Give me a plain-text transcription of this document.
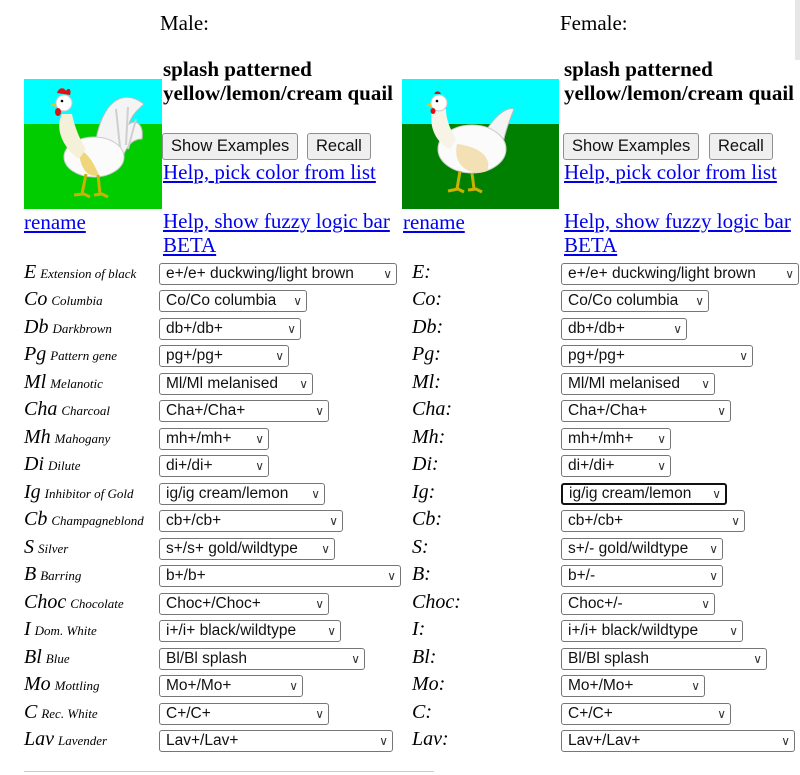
Male:	Female:
splash patterned yellow/lemon/cream quail
Show Examples	Recall
Help, pick color from list
Help, show fuzzy logic bar BETA
rename
splash patterned yellow/lemon/cream quail
Show Examples	Recall
Help, pick color from list
Help, show fuzzy logic bar BETA
rename
E Extension of black	e+/e+ duckwing/light brown ∨ E:	e+/e+ duckwing/light brown ∨
Co Columbia	Co/Co columbia ∨	Co:	Co/Co columbia ∨
Db Darkbrown	db+/db+	∨	Db:	db+/db+	∨
Pg Pattern gene	pg+/pg+	∨	Pg:	pg+/pg+	∨
Ml Melanotic	Ml/Ml melanised ∨	Ml:	Ml/Ml melanised ∨
Cha Charcoal	Cha+/Cha+	∨	Cha:	Cha+/Cha+	∨
Mh Mahogany	mh+/mh+ ∨	Mh:	mh+/mh+ ∨
Di Dilute	di+/di+	∨	Di:	di+/di+	∨
Ig Inhibitor of Gold	ig/ig cream/lemon ∨	Ig:	ig/ig cream/lemon ∨
Cb Champagneblond	cb+/cb+	∨	Cb:	cb+/cb+	∨
S Silver	s+/s+ gold/wildtype ∨	S:	s+/- gold/wildtype ∨
B Barring	b+/b+	∨ B:	b+/-	∨
Choc Chocolate	Choc+/Choc+	∨	Choc:	Choc+/-	∨
I Dom. White	i+/i+ black/wildtype	∨	I:	i+/i+ black/wildtype	∨
Bl Blue	Bl/Bl splash	∨	Bl:	Bl/Bl splash	∨
Mo Mottling	Mo+/Mo+	∨	Mo:	Mo+/Mo+	∨
C Rec. White	C+/C+	∨	C:	C+/C+	∨
Lav Lavender	Lav+/Lav+	∨ Lav:	Lav+/Lav+	∨
